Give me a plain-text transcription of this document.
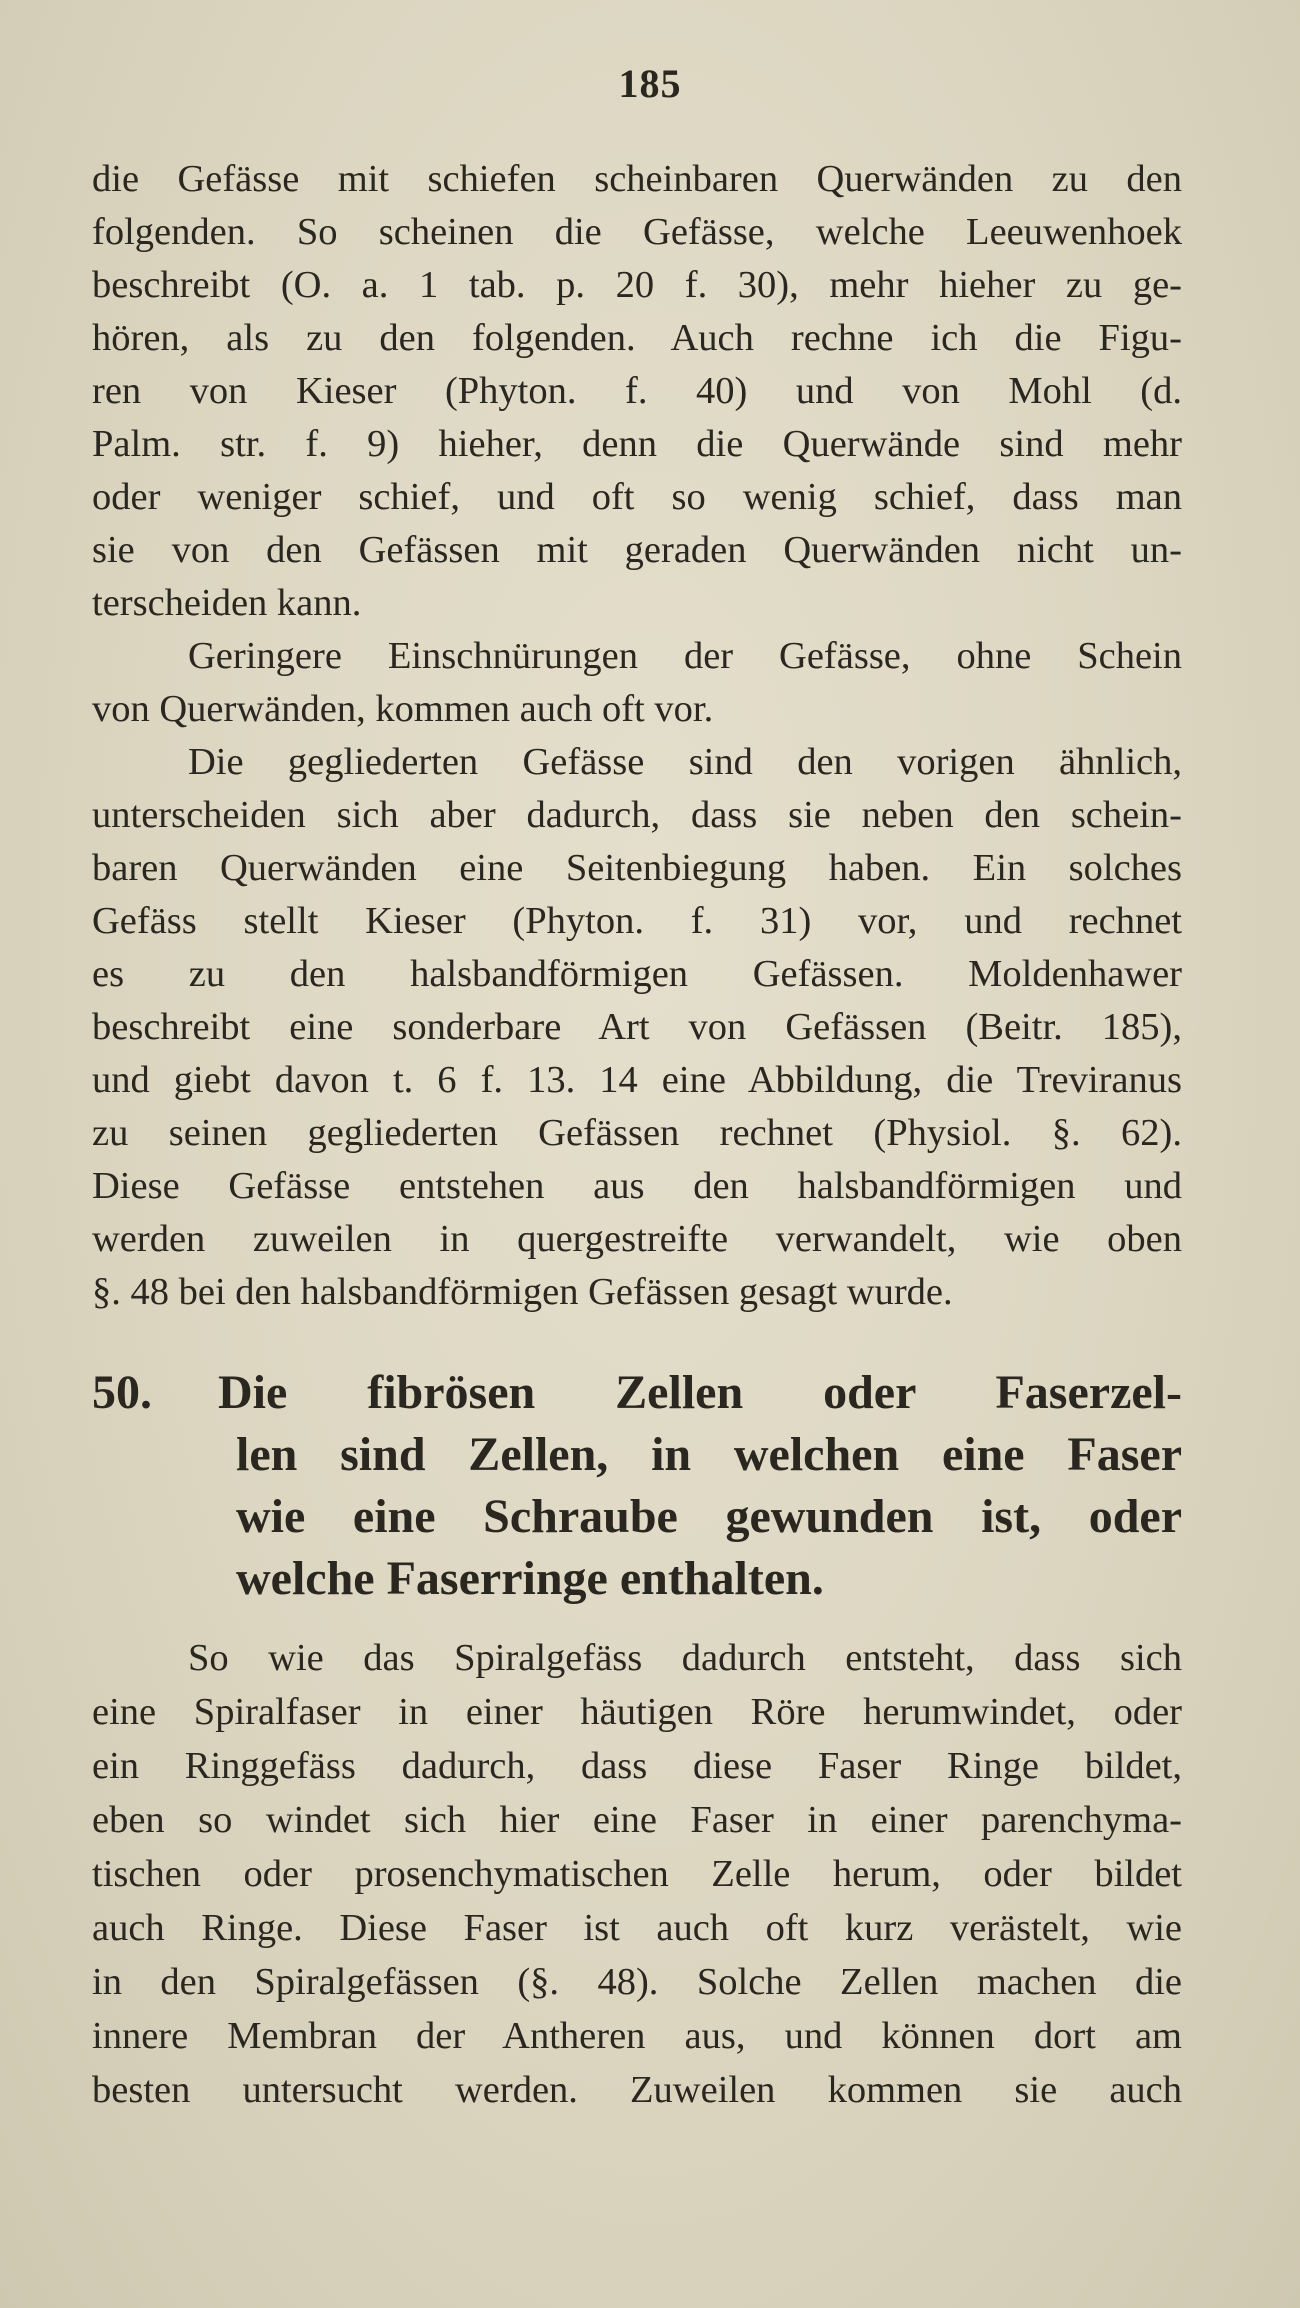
185
die Gefässe mit schiefen scheinbaren Querwänden zu den
folgenden. So scheinen die Gefässe, welche Leeuwenhoek
beschreibt (O. a. 1 tab. p. 20 f. 30), mehr hieher zu ge-
hören, als zu den folgenden. Auch rechne ich die Figu-
ren von Kieser (Phyton. f. 40) und von Mohl (d.
Palm. str. f. 9) hieher, denn die Querwände sind mehr
oder weniger schief, und oft so wenig schief, dass man
sie von den Gefässen mit geraden Querwänden nicht un-
terscheiden kann.
Geringere Einschnürungen der Gefässe, ohne Schein
von Querwänden, kommen auch oft vor.
Die gegliederten Gefässe sind den vorigen ähnlich,
unterscheiden sich aber dadurch, dass sie neben den schein-
baren Querwänden eine Seitenbiegung haben. Ein solches
Gefäss stellt Kieser (Phyton. f. 31) vor, und rechnet
es zu den halsbandförmigen Gefässen. Moldenhawer
beschreibt eine sonderbare Art von Gefässen (Beitr. 185),
und giebt davon t. 6 f. 13. 14 eine Abbildung, die Treviranus
zu seinen gegliederten Gefässen rechnet (Physiol. §. 62).
Diese Gefässe entstehen aus den halsbandförmigen und
werden zuweilen in quergestreifte verwandelt, wie oben
§. 48 bei den halsbandförmigen Gefässen gesagt wurde.
50. Die fibrösen Zellen oder Faserzel-
len sind Zellen, in welchen eine Faser
wie eine Schraube gewunden ist, oder
welche Faserringe enthalten.
So wie das Spiralgefäss dadurch entsteht, dass sich
eine Spiralfaser in einer häutigen Röre herumwindet, oder
ein Ringgefäss dadurch, dass diese Faser Ringe bildet,
eben so windet sich hier eine Faser in einer parenchyma-
tischen oder prosenchymatischen Zelle herum, oder bildet
auch Ringe. Diese Faser ist auch oft kurz verästelt, wie
in den Spiralgefässen (§. 48). Solche Zellen machen die
innere Membran der Antheren aus, und können dort am
besten untersucht werden. Zuweilen kommen sie auch
